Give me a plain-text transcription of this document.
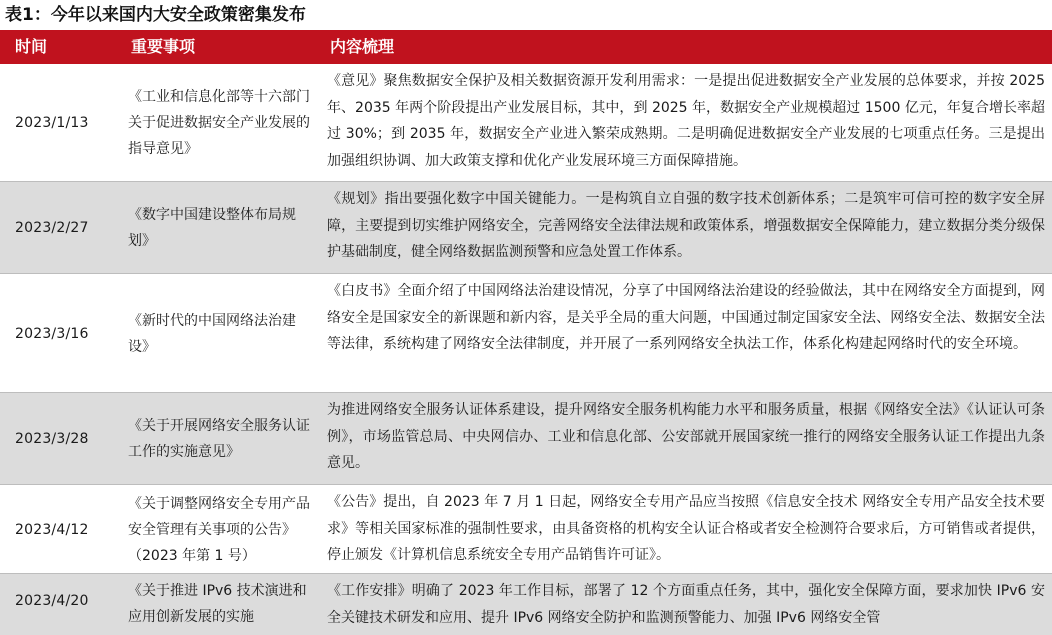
表1：今年以来国内大安全政策密集发布
时间	重要事项	内容梳理
2023/1/13
《工业和信息化部等十六部门关于促进数据安全产业发展的指导意见》
《意见》聚焦数据安全保护及相关数据资源开发利用需求：一是提出促进数据安全产业发展的总体要求，并按 2025 年、2035 年两个阶段提出产业发展目标，其中，到 2025 年，数据安全产业规模超过 1500 亿元，年复合增长率超过 30%；到 2035 年，数据安全产业进入繁荣成熟期。二是明确促进数据安全产业发展的七项重点任务。三是提出加强组织协调、加大政策支撑和优化产业发展环境三方面保障措施。
2023/2/27
《数字中国建设整体布局规划》
《规划》指出要强化数字中国关键能力。一是构筑自立自强的数字技术创新体系；二是筑牢可信可控的数字安全屏障，主要提到切实维护网络安全，完善网络安全法律法规和政策体系，增强数据安全保障能力，建立数据分类分级保护基础制度，健全网络数据监测预警和应急处置工作体系。
2023/3/16
《新时代的中国网络法治建设》
《白皮书》全面介绍了中国网络法治建设情况，分享了中国网络法治建设的经验做法，其中在网络安全方面提到，网络安全是国家安全的新课题和新内容，是关乎全局的重大问题，中国通过制定国家安全法、网络安全法、数据安全法等法律，系统构建了网络安全法律制度，并开展了一系列网络安全执法工作，体系化构建起网络时代的安全环境。
2023/3/28
《关于开展网络安全服务认证工作的实施意见》
为推进网络安全服务认证体系建设，提升网络安全服务机构能力水平和服务质量，根据《网络安全法》《认证认可条例》，市场监管总局、中央网信办、工业和信息化部、公安部就开展国家统一推行的网络安全服务认证工作提出九条意见。
2023/4/12
《关于调整网络安全专用产品安全管理有关事项的公告》（2023 年第 1 号）
《公告》提出，自 2023 年 7 月 1 日起，网络安全专用产品应当按照《信息安全技术 网络安全专用产品安全技术要求》等相关国家标准的强制性要求，由具备资格的机构安全认证合格或者安全检测符合要求后，方可销售或者提供，停止颁发《计算机信息系统安全专用产品销售许可证》。
2023/4/20
《关于推进 IPv6 技术演进和应用创新发展的实施
《工作安排》明确了 2023 年工作目标，部署了 12 个方面重点任务，其中，强化安全保障方面，要求加快 IPv6 安全关键技术研发和应用、提升 IPv6 网络安全防护和监测预警能力、加强 IPv6 网络安全管
